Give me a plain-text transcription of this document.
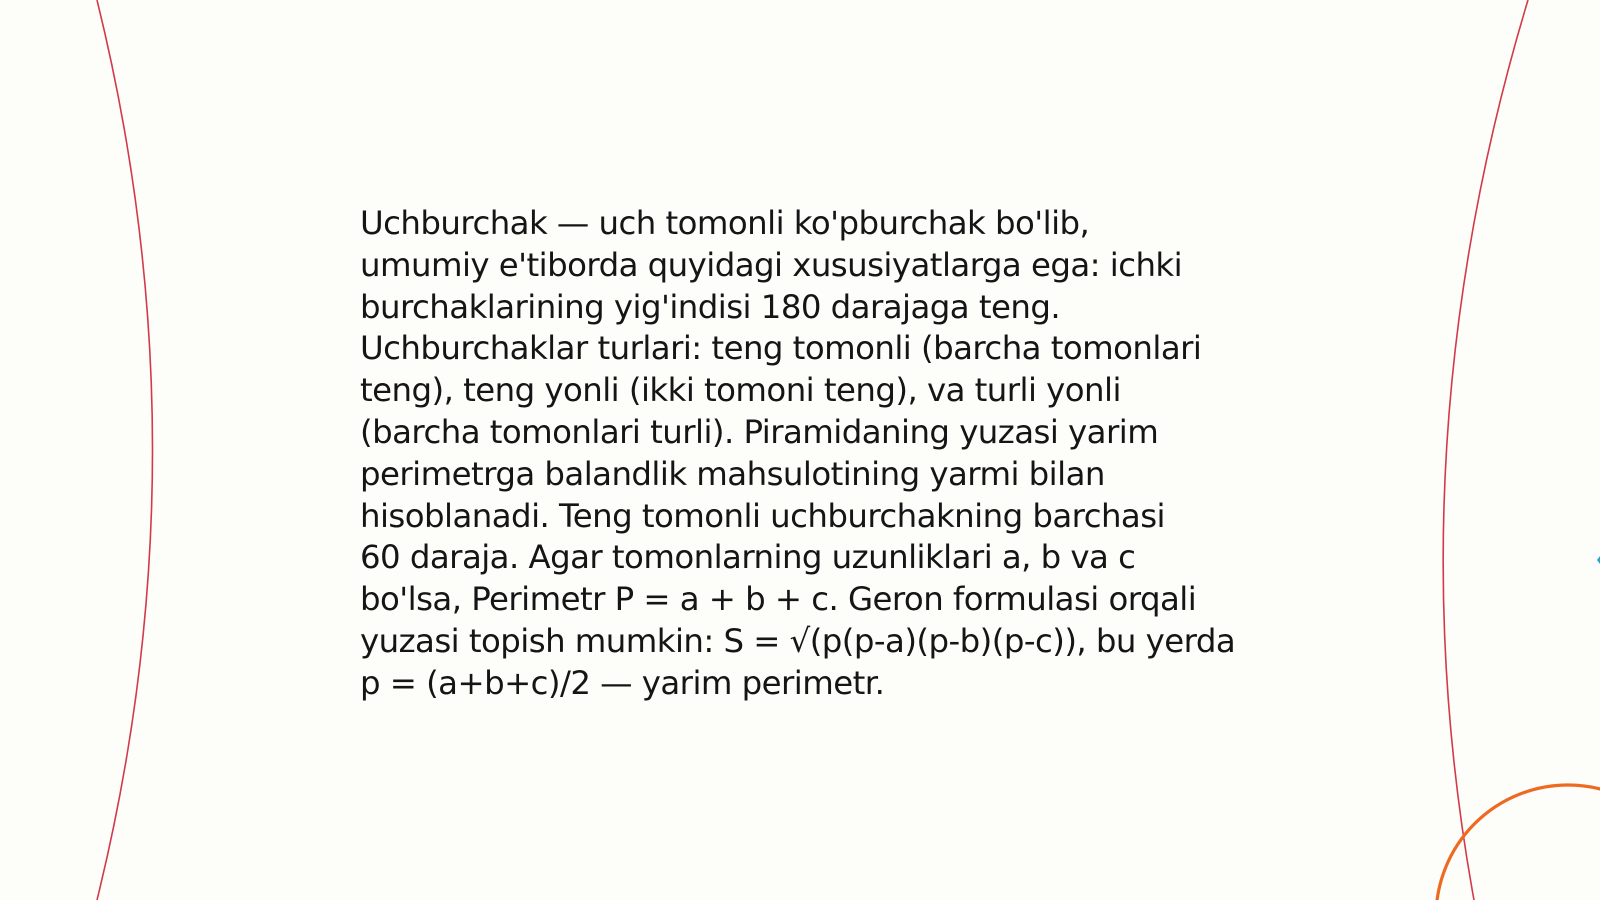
Uchburchak — uch tomonli ko'pburchak bo'lib,
umumiy e'tiborda quyidagi xususiyatlarga ega: ichki
burchaklarining yig'indisi 180 darajaga teng.
Uchburchaklar turlari: teng tomonli (barcha tomonlari
teng), teng yonli (ikki tomoni teng), va turli yonli
(barcha tomonlari turli). Piramidaning yuzasi yarim
perimetrga balandlik mahsulotining yarmi bilan
hisoblanadi. Teng tomonli uchburchakning barchasi
60 daraja. Agar tomonlarning uzunliklari a, b va c
bo'lsa, Perimetr P = a + b + c. Geron formulasi orqali
yuzasi topish mumkin: S = √(p(p-a)(p-b)(p-c)), bu yerda
p = (a+b+c)/2 — yarim perimetr.
